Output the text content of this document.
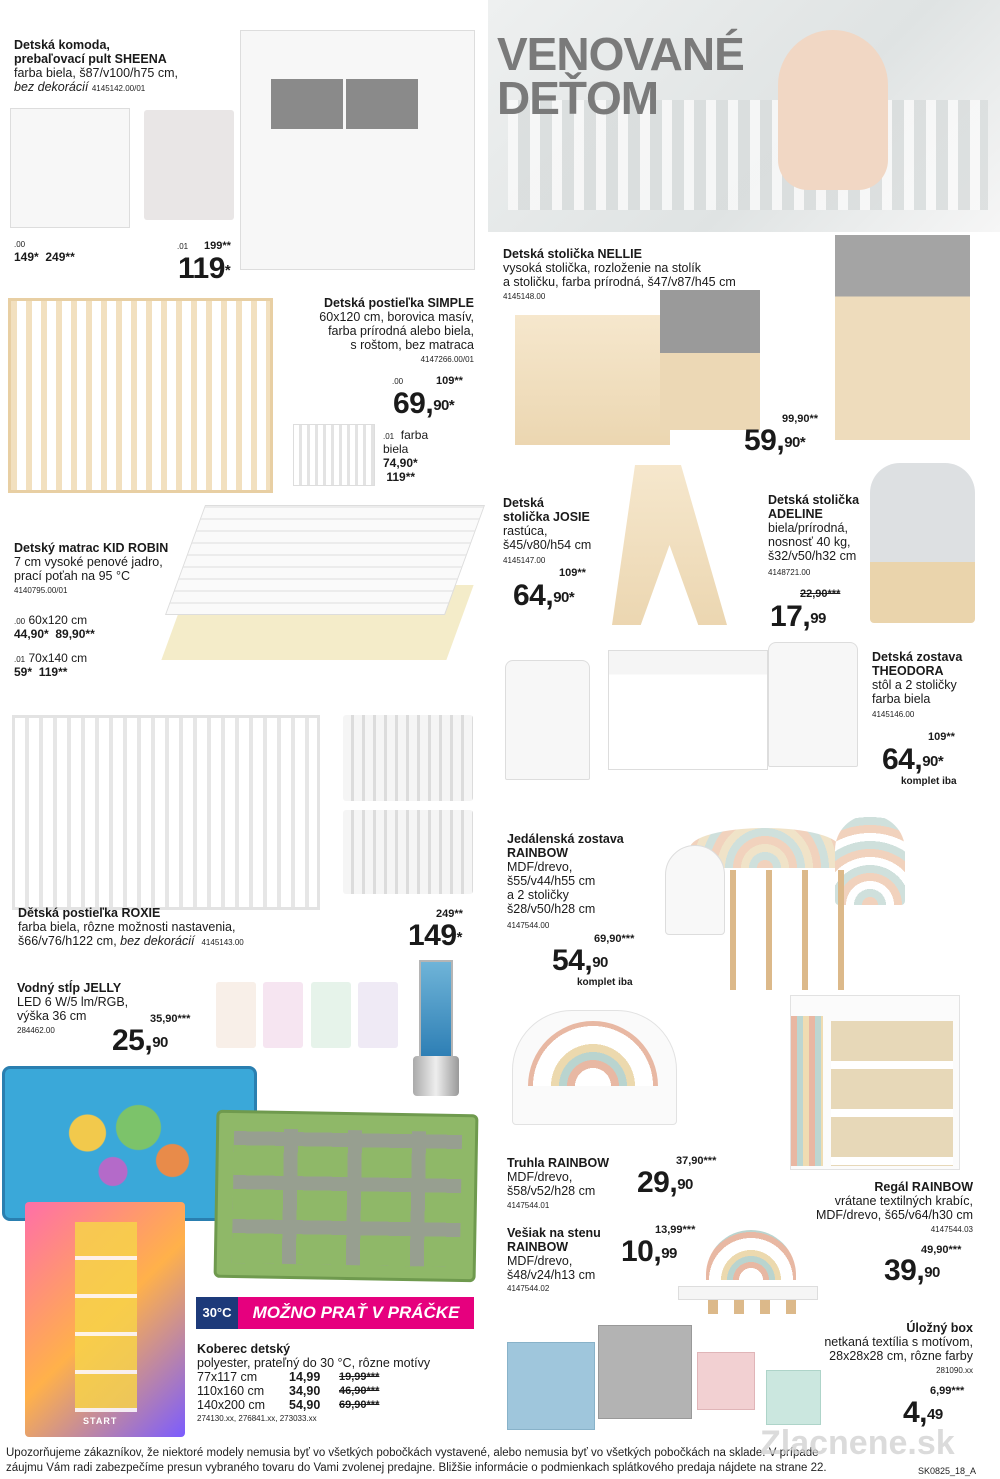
VENOVANÉ
DEŤOM
Detská komoda,
prebaľovací pult SHEENA
farba biela, š87/v100/h75 cm,
bez dekorácií 4145142.00/01
.00
149* 249**
.01 199**
119*
Detská stolička NELLIE
vysoká stolička, rozloženie na stolík
a stoličku, farba prírodná, š47/v87/h45 cm
4145148.00
99,90**
59,$^{90*}$
Detská postieľka SIMPLE
60x120 cm, borovica masív,
farba prírodná alebo biela,
s roštom, bez matraca
4147266.00/01
.00	109**
69,$^{90*}$
.01 farba
biela
74,90*
119**
Detská
stolička JOSIE
rastúca,
š45/v80/h54 cm
4145147.00
109**
64,$^{90*}$
Detská stolička
ADELINE
biela/prírodná,
nosnosť 40 kg,
š32/v50/h32 cm
4148721.00
22,90***
17,99
Detský matrac KID ROBIN
7 cm vysoké penové jadro,
prací poťah na 95 °C
4140795.00/01
.00 60x120 cm
44,90* 89,90**
.01 70x140 cm
59* 119**
Detská zostava
THEODORA
stôl a 2 stoličky
farba biela
4145146.00
109**
64,$^{90*}$
komplet iba
Dětská postieľka ROXIE
farba biela, rôzne možnosti nastavenia,
š66/v76/h122 cm, bez dekorácií 4145143.00
249**
149*
Jedálenská zostava
RAINBOW
MDF/drevo,
š55/v44/h55 cm
a 2 stoličky
š28/v50/h28 cm
4147544.00
69,90***
54,90
komplet iba
Vodný stĺp JELLY
LED 6 W/5 lm/RGB,
výška 36 cm
284462.00
35,90***
25,90
Truhla RAINBOW
MDF/drevo,
š58/v52/h28 cm
4147544.01
37,90***
29,90	Regál RAINBOW
vrátane textilných krabíc,
MDF/drevo, š65/v64/h30 cm
4147544.03
49,90***
39,90
Vešiak na stenu
RAINBOW
MDF/drevo,
š48/v24/h13 cm
4147544.02
13,99***
10,99
Úložný box
netkaná textília s motívom,
28x28x28 cm, rôzne farby
281090.xx
6,99***
4,49
START
30°C	MOŽNO PRAŤ V PRÁČKE
Koberec detský
polyester, prateľný do 30 °C, rôzne motívy
77x117 cm	14,99	19,99***
110x160 cm	34,90	46,90***
140x200 cm	54,90	69,90***
274130.xx, 276841.xx, 273033.xx
Upozorňujeme zákazníkov, že niektoré modely nemusia byť vo všetkých pobočkách vystavené, alebo nemusia byť vo všetkých pobočkách na sklade. V prípade
záujmu Vám radi zabezpečíme presun vybraného tovaru do Vami zvolenej predajne. Bližšie informácie o podmienkach splátkového predaja nájdete na strane 22.
Zlacnene.sk
SK0825_18_A
